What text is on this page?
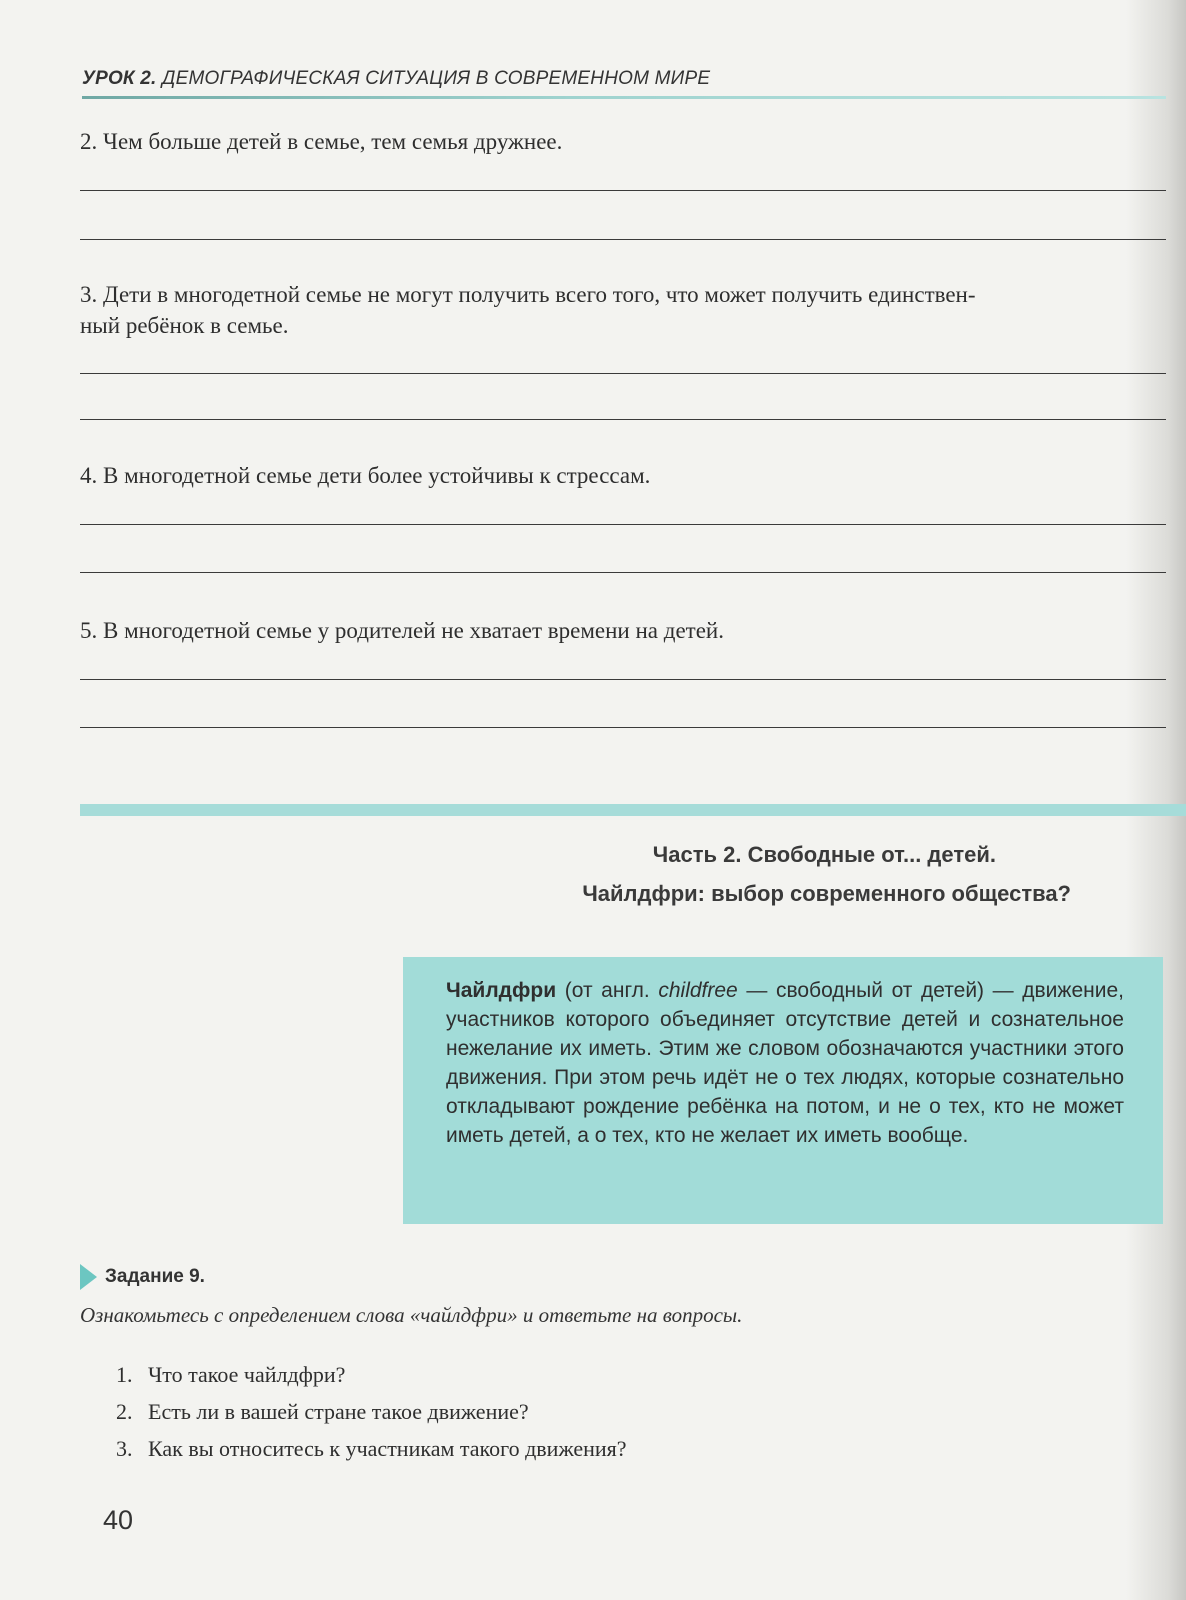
УРОК 2. ДЕМОГРАФИЧЕСКАЯ СИТУАЦИЯ В СОВРЕМЕННОМ МИРЕ
2. Чем больше детей в семье, тем семья дружнее.
3. Дети в многодетной семье не могут получить всего того, что может получить единствен-
ный ребёнок в семье.
4. В многодетной семье дети более устойчивы к стрессам.
5. В многодетной семье у родителей не хватает времени на детей.
Часть 2. Свободные от... детей.
Чайлдфри: выбор современного общества?
Чайлдфри (от англ. childfree — свободный от детей) — движение, участников которого объединяет отсутствие детей и сознательное нежелание их иметь. Этим же словом обозначаются участники этого движения. При этом речь идёт не о тех людях, которые сознательно откладывают рождение ребёнка на потом, и не о тех, кто не может иметь детей, а о тех, кто не желает их иметь вообще.
Задание 9.
Ознакомьтесь с определением слова «чайлдфри» и ответьте на вопросы.
1. Что такое чайлдфри?
2. Есть ли в вашей стране такое движение?
3. Как вы относитесь к участникам такого движения?
40
